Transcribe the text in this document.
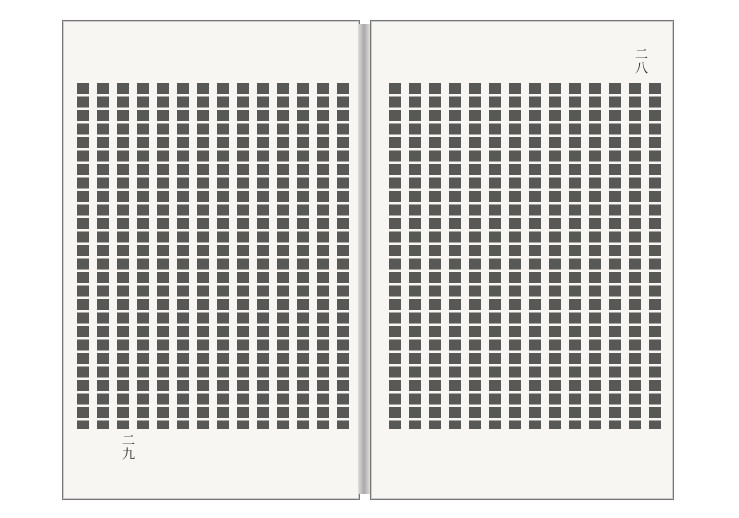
二九
二八
